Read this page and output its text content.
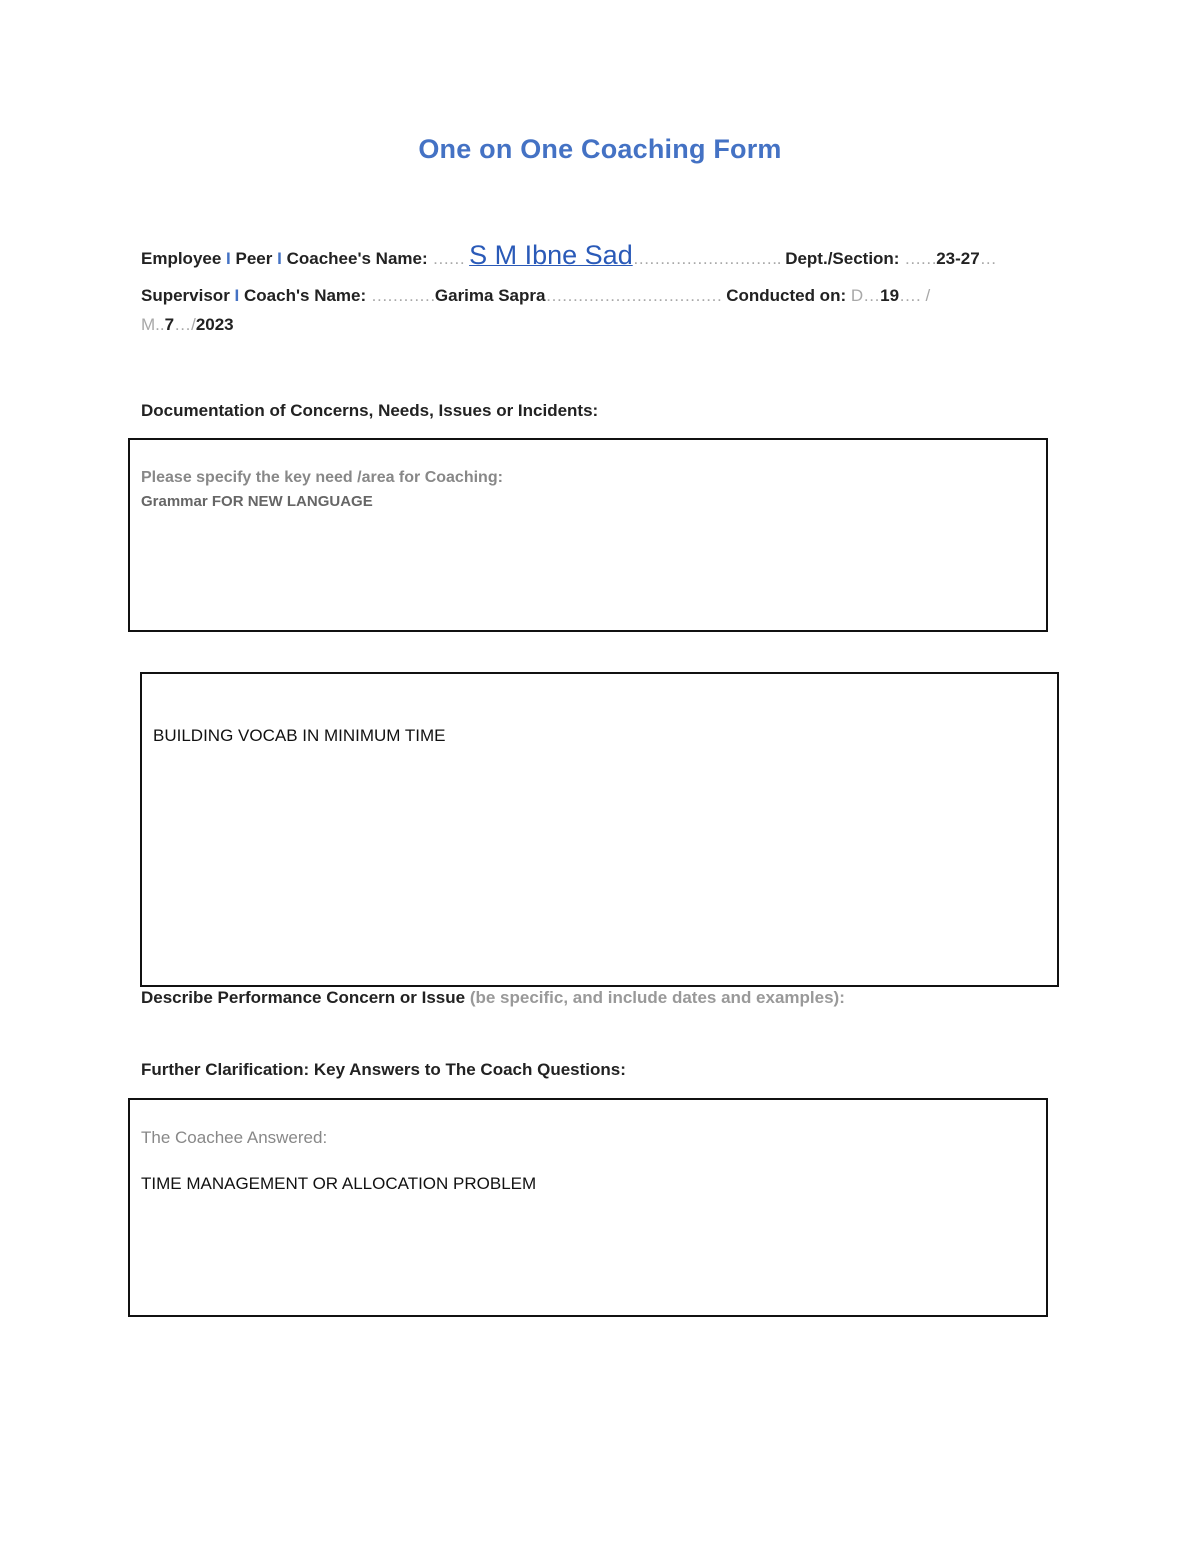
One on One Coaching Form
Employee I Peer I Coachee's Name: …… S M Ibne Sad………………………. Dept./Section: ……23-27…
Supervisor I Coach's Name: …………Garima Sapra…………………………… Conducted on: D…19…. /
M..7…/2023
Documentation of Concerns, Needs, Issues or Incidents:
Please specify the key need /area for Coaching:
Grammar FOR NEW LANGUAGE
BUILDING VOCAB IN MINIMUM TIME
Describe Performance Concern or Issue (be specific, and include dates and examples):
Further Clarification: Key Answers to The Coach Questions:
The Coachee Answered:
TIME MANAGEMENT OR ALLOCATION PROBLEM
